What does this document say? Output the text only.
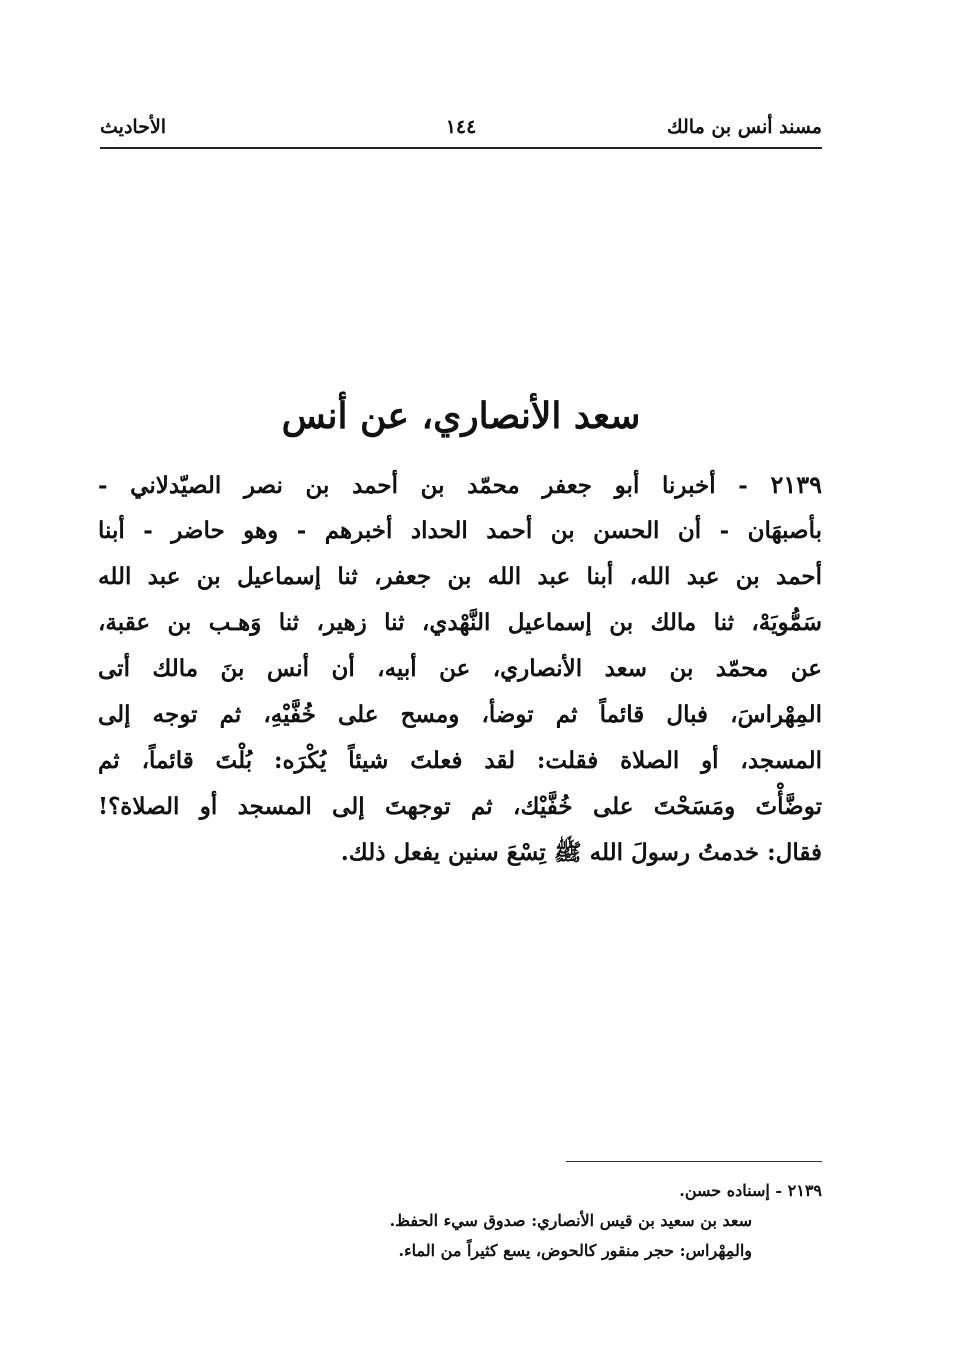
مسند أنس بن مالك
١٤٤
الأحاديث
سعد الأنصاري، عن أنس
٢١٣٩ - أخبرنا أبو جعفر محمّد بن أحمد بن نصر الصيّدلاني -
بأصبهَان - أن الحسن بن أحمد الحداد أخبرهم - وهو حاضر - أبنا
أحمد بن عبد الله، أبنا عبد الله بن جعفر، ثنا إسماعيل بن عبد الله
سَمُّويَهْ، ثنا مالك بن إسماعيل النَّهْدي، ثنا زهير، ثنا وَهـب بن عقبة،
عن محمّد بن سعد الأنصاري، عن أبيه، أن أنس بنَ مالك أتى
المِهْراسَ، فبال قائماً ثم توضأ، ومسح على خُفَّيْهِ، ثم توجه إلى
المسجد، أو الصلاة فقلت: لقد فعلتَ شيئاً يُكْرَه: بُلْتَ قائماً، ثم
توضَّأْتَ ومَسَحْتَ على خُفَّيْك، ثم توجهتَ إلى المسجد أو الصلاة؟!
فقال: خدمتُ رسولَ الله ﷺ تِسْعَ سنين يفعل ذلك.
٢١٣٩ - إسناده حسن.
سعد بن سعيد بن قيس الأنصاري: صدوق سيء الحفظ.
والمِهْراس: حجر منقور كالحوض، يسع كثيراً من الماء.
